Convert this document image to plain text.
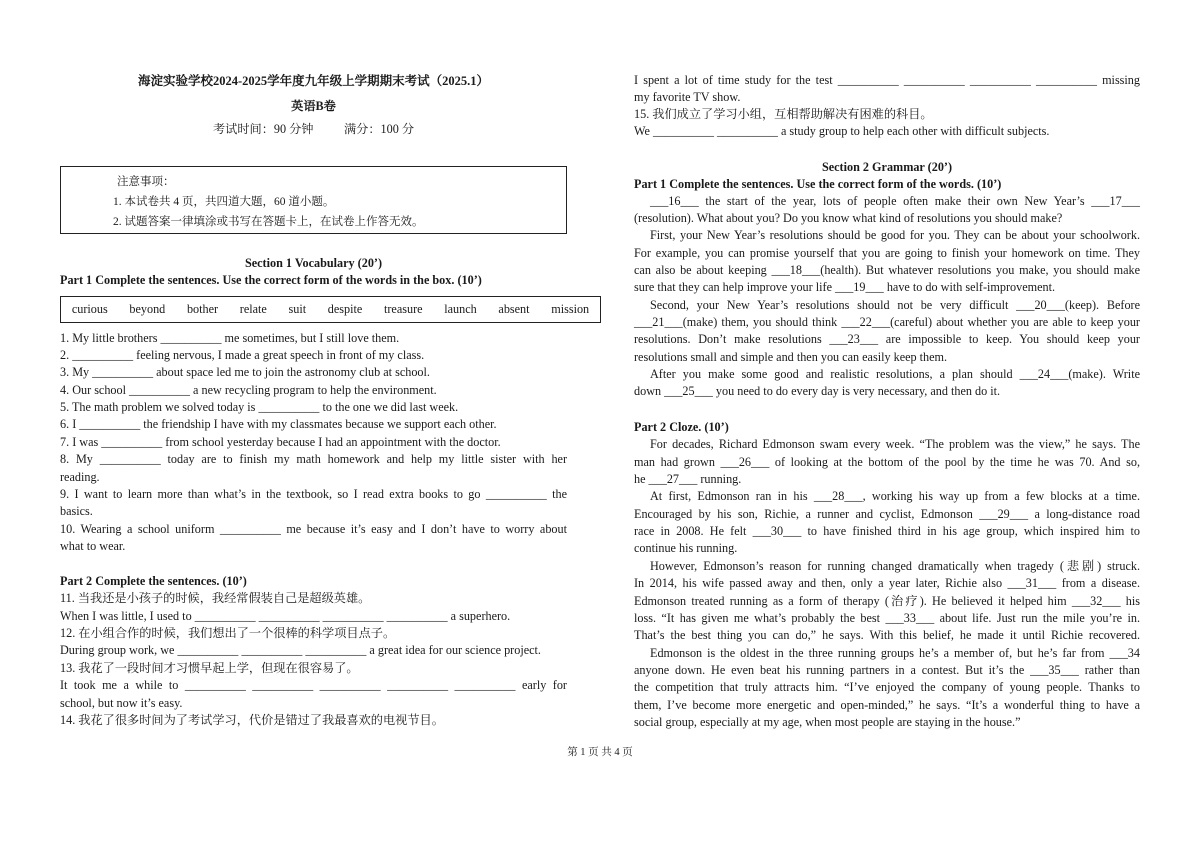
海淀实验学校2024-2025学年度九年级上学期期末考试（2025.1）
英语B卷
考试时间：90 分钟          满分：100 分
Section 1 Vocabulary (20’)
Part 1 Complete the sentences. Use the correct form of the words in the box. (10’)
1. My little brothers __________ me sometimes, but I still love them.
2. __________ feeling nervous, I made a great speech in front of my class.
3. My __________ about space led me to join the astronomy club at school.
4. Our school __________ a new recycling program to help the environment.
5. The math problem we solved today is __________ to the one we did last week.
6. I __________ the friendship I have with my classmates because we support each other.
7. I was __________ from school yesterday because I had an appointment with the doctor.
8. My __________ today are to finish my math homework and help my little sister with her
reading.
9. I want to learn more than what’s in the textbook, so I read extra books to go __________ the
basics.
10. Wearing a school uniform __________ me because it’s easy and I don’t have to worry about
what to wear.
Part 2 Complete the sentences. (10’)
11. 当我还是小孩子的时候，我经常假装自己是超级英雄。
When I was little, I used to __________ __________ __________ __________ a superhero.
12. 在小组合作的时候，我们想出了一个很棒的科学项目点子。
During group work, we __________ __________ __________ a great idea for our science project.
13. 我花了一段时间才习惯早起上学，但现在很容易了。
It took me a while to __________ __________ __________ __________ __________ early for
school, but now it’s easy.
14. 我花了很多时间为了考试学习，代价是错过了我最喜欢的电视节目。
注意事项：
1. 本试卷共 4 页，共四道大题，60 道小题。
2. 试题答案一律填涂或书写在答题卡上，在试卷上作答无效。
curious beyond bother relate suit despite treasure launch absent mission
I spent a lot of time study for the test __________ __________ __________ __________ missing
my favorite TV show.
15. 我们成立了学习小组，互相帮助解决有困难的科目。
We __________ __________ a study group to help each other with difficult subjects.
Section 2 Grammar (20’)
Part 1 Complete the sentences. Use the correct form of the words. (10’)
___16___ the start of the year, lots of people often make their own New Year’s ___17___
(resolution). What about you? Do you know what kind of resolutions you should make?
First, your New Year’s resolutions should be good for you. They can be about your schoolwork.
For example, you can promise yourself that you are going to finish your homework on time. They
can also be about keeping ___18___(health). But whatever resolutions you make, you should make
sure that they can help improve your life ___19___ have to do with self-improvement.
Second, your New Year’s resolutions should not be very difficult ___20___(keep). Before
___21___(make) them, you should think ___22___(careful) about whether you are able to keep your
resolutions. Don’t make resolutions ___23___ are impossible to keep. You should keep your
resolutions small and simple and then you can easily keep them.
After you make some good and realistic resolutions, a plan should ___24___(make). Write
down ___25___ you need to do every day is very necessary, and then do it.
Part 2 Cloze. (10’)
For decades, Richard Edmonson swam every week. “The problem was the view,” he says. The
man had grown ___26___ of looking at the bottom of the pool by the time he was 70. And so,
he ___27___ running.
At first, Edmonson ran in his ___28___, working his way up from a few blocks at a time.
Encouraged by his son, Richie, a runner and cyclist, Edmonson ___29___ a long-distance road
race in 2008. He felt ___30___ to have finished third in his age group, which inspired him to
continue his running.
However, Edmonson’s reason for running changed dramatically when tragedy (悲剧) struck.
In 2014, his wife passed away and then, only a year later, Richie also ___31___ from a disease.
Edmonson treated running as a form of therapy (治疗). He believed it helped him ___32___ his
loss. “It has given me what’s probably the best ___33___ about life. Just run the mile you’re in.
That’s the best thing you can do,” he says. With this belief, he made it until Richie recovered.
Edmonson is the oldest in the three running groups he’s a member of, but he’s far from ___34
anyone down. He even beat his running partners in a contest. But it’s the ___35___ rather than
the competition that truly attracts him. “I’ve enjoyed the company of young people. Thanks to
them, I’ve become more energetic and open-minded,” he says. “It’s a wonderful thing to have a
social group, especially at my age, when most people are staying in the house.”
第 1 页 共 4 页
